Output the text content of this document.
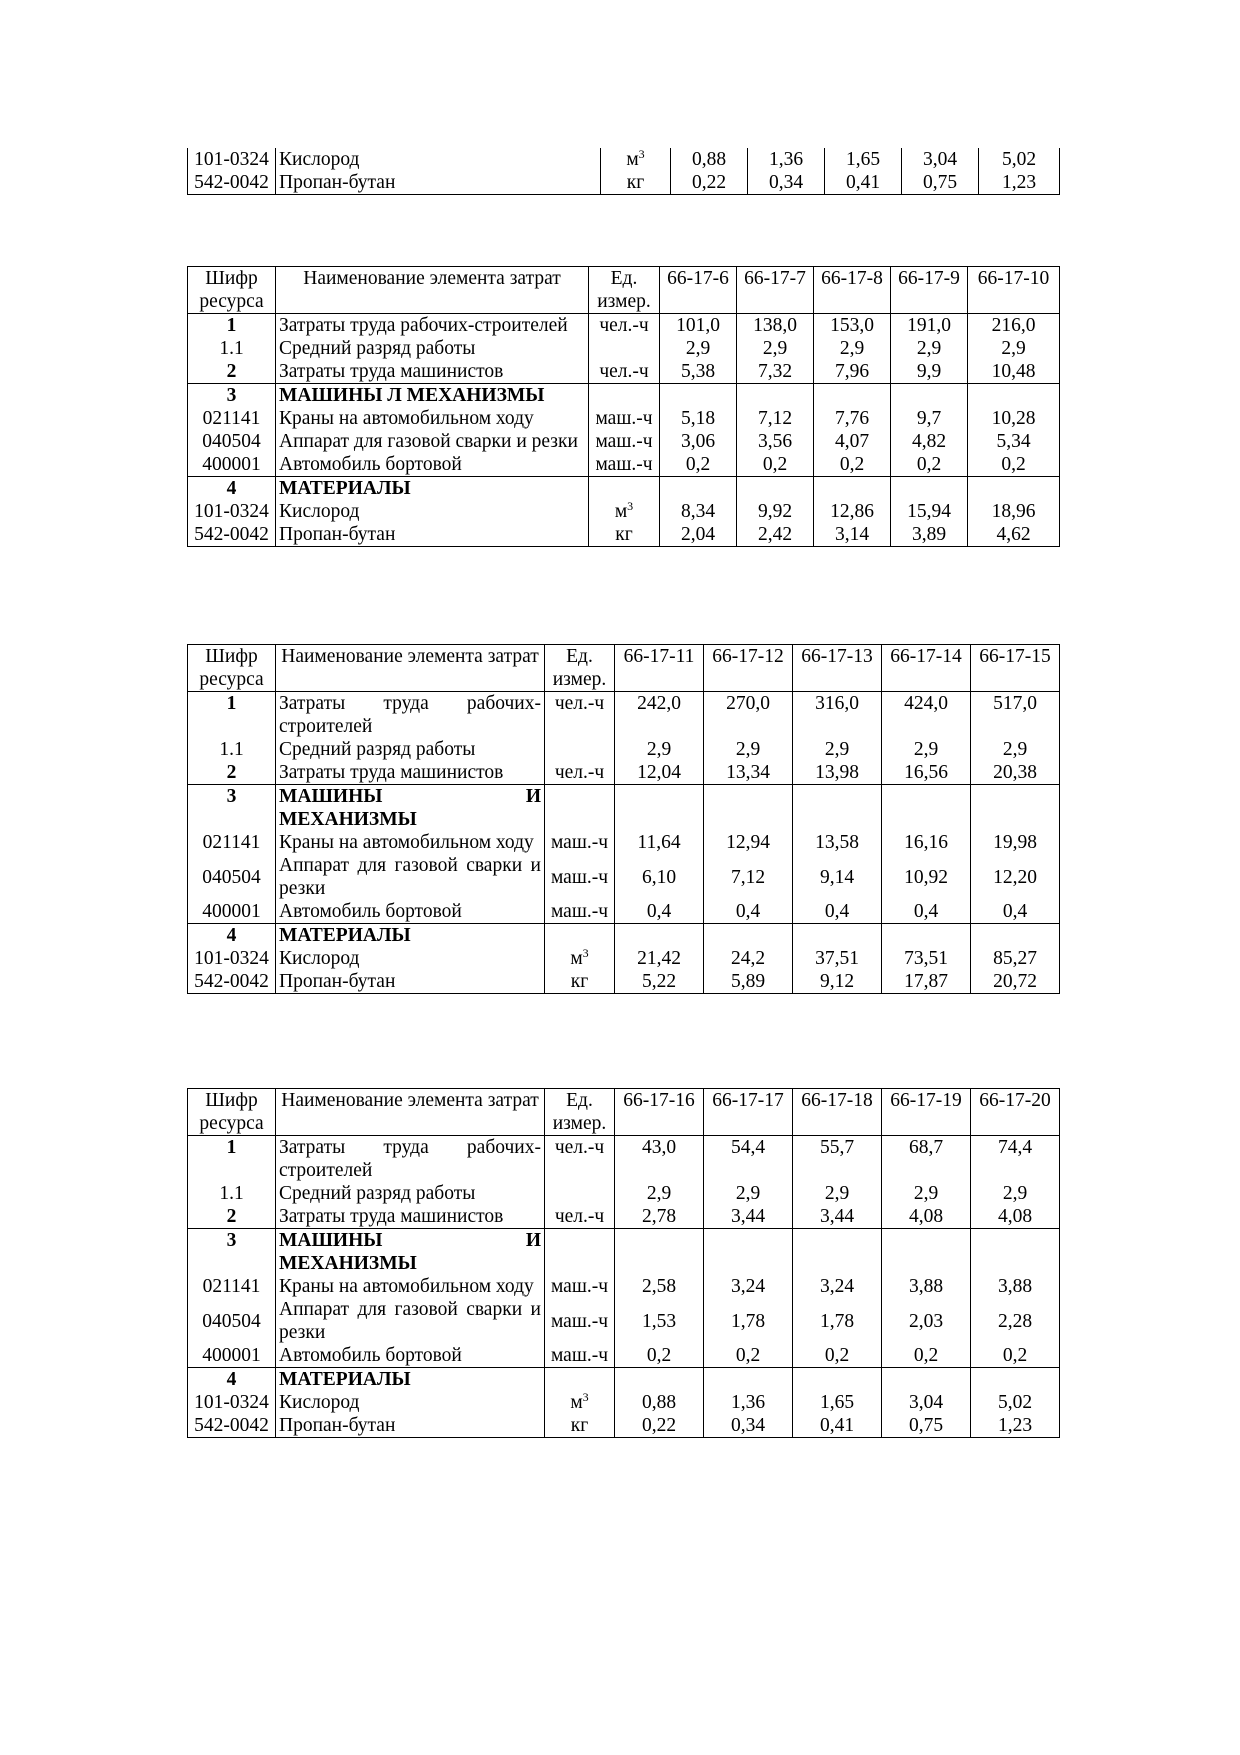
101-0324	Кислород	$м^3$	0,88	1,36	1,65	3,04	5,02
542-0042	Пропан-бутан	кг	0,22	0,34	0,41	0,75	1,23
Шифр ресурса	Наименование элемента затрат	Ед. измер.	66-17-6	66-17-7	66-17-8	66-17-9	66-17-10
1	Затраты труда рабочих-строителей	чел.-ч	101,0	138,0	153,0	191,0	216,0
1.1	Средний разряд работы		2,9	2,9	2,9	2,9	2,9
2	Затраты труда машинистов	чел.-ч	5,38	7,32	7,96	9,9	10,48
3	МАШИНЫ Л МЕХАНИЗМЫ						
021141	Краны на автомобильном ходу	маш.-ч	5,18	7,12	7,76	9,7	10,28
040504	Аппарат для газовой сварки и резки	маш.-ч	3,06	3,56	4,07	4,82	5,34
400001	Автомобиль бортовой	маш.-ч	0,2	0,2	0,2	0,2	0,2
4	МАТЕРИАЛЫ						
101-0324	Кислород	$м^3$	8,34	9,92	12,86	15,94	18,96
542-0042	Пропан-бутан	кг	2,04	2,42	3,14	3,89	4,62
Шифр ресурса	Наименование элемента затрат	Ед. измер.	66-17-11	66-17-12	66-17-13	66-17-14	66-17-15
1	Затраты труда рабочих-строителей	чел.-ч	242,0	270,0	316,0	424,0	517,0
1.1	Средний разряд работы		2,9	2,9	2,9	2,9	2,9
2	Затраты труда машинистов	чел.-ч	12,04	13,34	13,98	16,56	20,38
3	МАШИНЫ И МЕХАНИЗМЫ						
021141	Краны на автомобильном ходу	маш.-ч	11,64	12,94	13,58	16,16	19,98
040504	Аппарат для газовой сварки и резки	маш.-ч	6,10	7,12	9,14	10,92	12,20
400001	Автомобиль бортовой	маш.-ч	0,4	0,4	0,4	0,4	0,4
4	МАТЕРИАЛЫ						
101-0324	Кислород	$м^3$	21,42	24,2	37,51	73,51	85,27
542-0042	Пропан-бутан	кг	5,22	5,89	9,12	17,87	20,72
Шифр ресурса	Наименование элемента затрат	Ед. измер.	66-17-16	66-17-17	66-17-18	66-17-19	66-17-20
1	Затраты труда рабочих-строителей	чел.-ч	43,0	54,4	55,7	68,7	74,4
1.1	Средний разряд работы		2,9	2,9	2,9	2,9	2,9
2	Затраты труда машинистов	чел.-ч	2,78	3,44	3,44	4,08	4,08
3	МАШИНЫ И МЕХАНИЗМЫ						
021141	Краны на автомобильном ходу	маш.-ч	2,58	3,24	3,24	3,88	3,88
040504	Аппарат для газовой сварки и резки	маш.-ч	1,53	1,78	1,78	2,03	2,28
400001	Автомобиль бортовой	маш.-ч	0,2	0,2	0,2	0,2	0,2
4	МАТЕРИАЛЫ						
101-0324	Кислород	$м^3$	0,88	1,36	1,65	3,04	5,02
542-0042	Пропан-бутан	кг	0,22	0,34	0,41	0,75	1,23
